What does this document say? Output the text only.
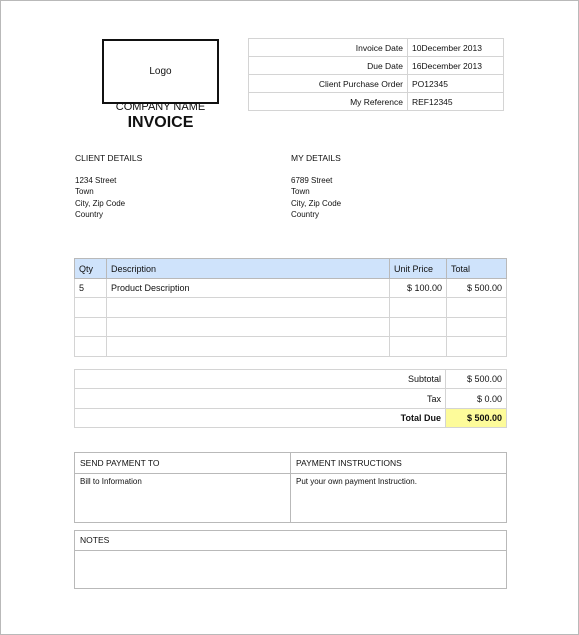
Logo
COMPANY NAME
INVOICE
Invoice Date	10December 2013
Due Date	16December 2013
Client Purchase Order	PO12345
My Reference	REF12345
CLIENT DETAILS
1234 Street
Town
City, Zip Code
Country
MY DETAILS
6789 Street
Town
City, Zip Code
Country
Qty	Description	Unit Price	Total
5	Product Description	$ 100.00	$ 500.00

Subtotal	$ 500.00
Tax	$ 0.00
Total Due	$ 500.00
SEND PAYMENT TO	PAYMENT INSTRUCTIONS
Bill to Information	Put your own payment Instruction.
NOTES
